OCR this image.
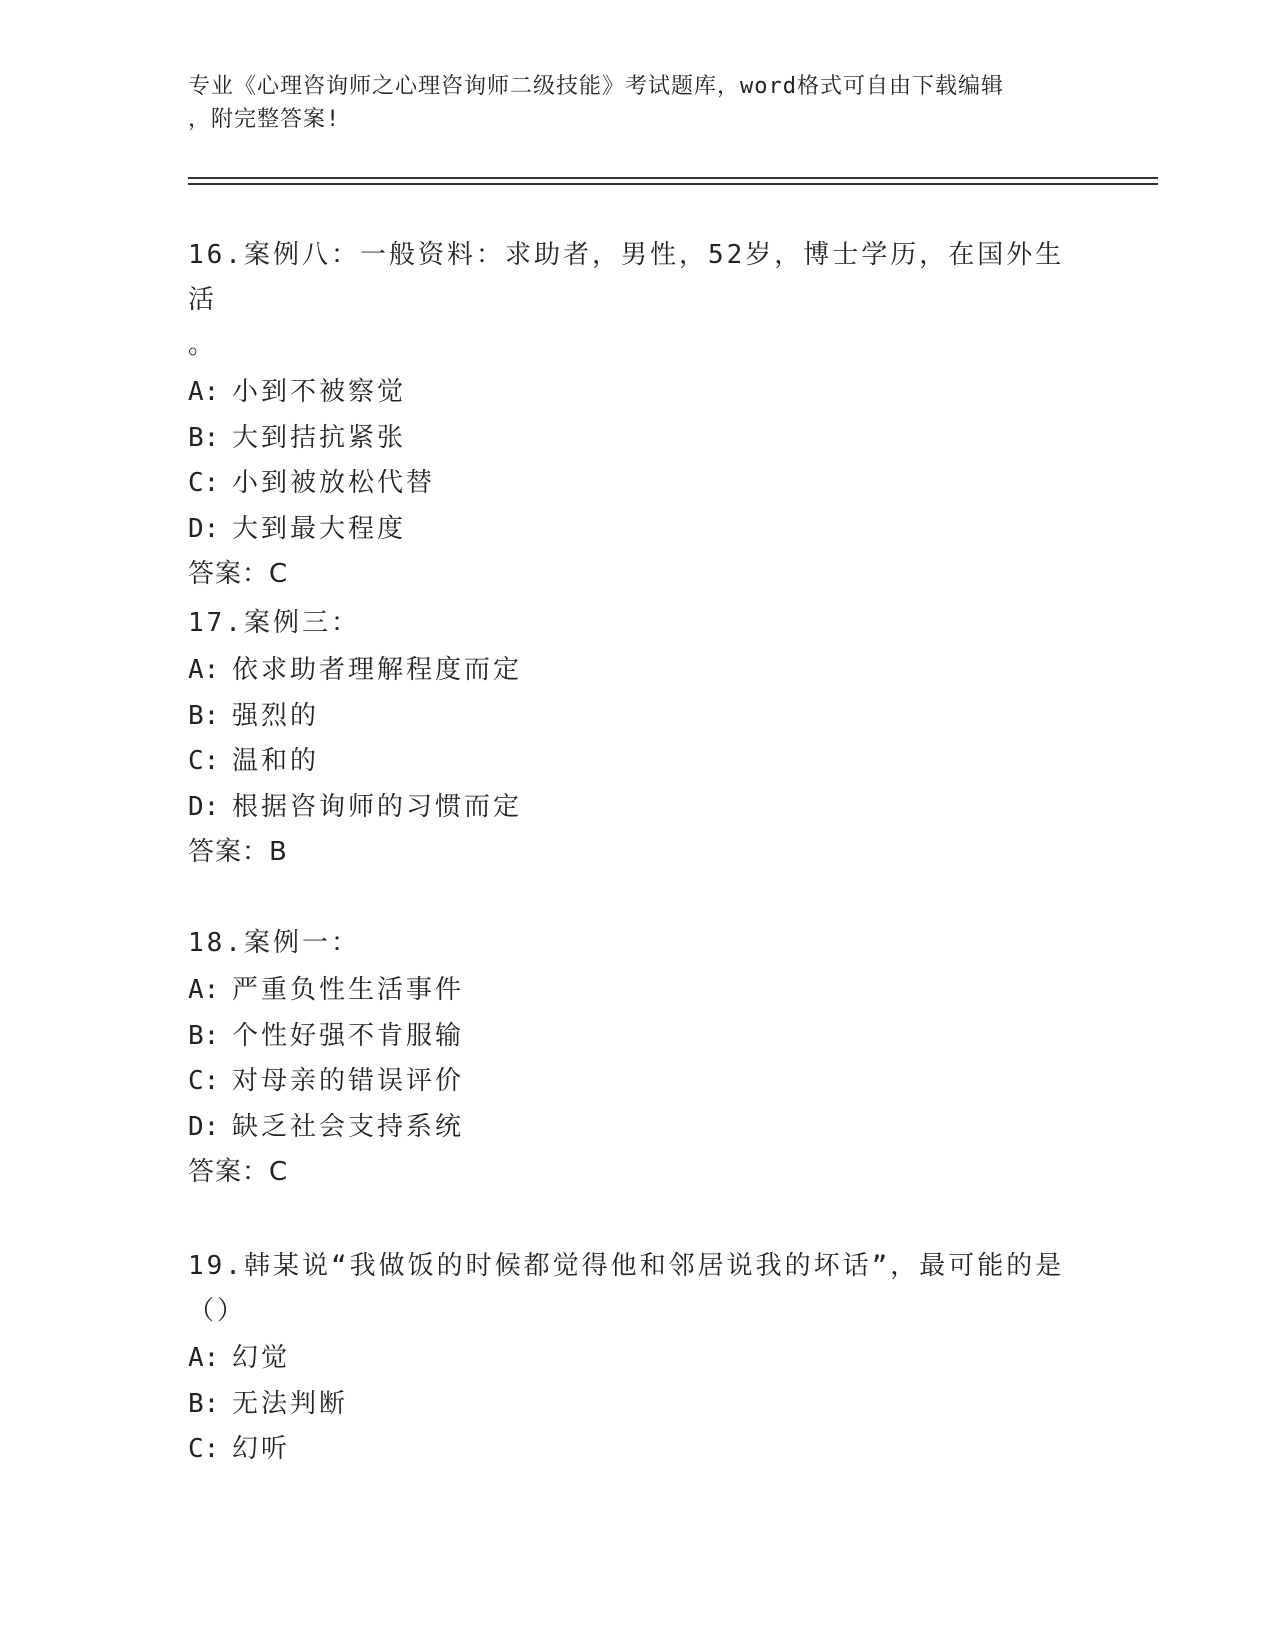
专业《心理咨询师之心理咨询师二级技能》考试题库，word格式可自由下载编辑
，附完整答案!
16.案例八：一般资料：求助者，男性，52岁，博士学历，在国外生活
。
A: 小到不被察觉
B: 大到拮抗紧张
C: 小到被放松代替
D: 大到最大程度
答案：C
17.案例三：
A: 依求助者理解程度而定
B: 强烈的
C: 温和的
D: 根据咨询师的习惯而定
答案：B
18.案例一：
A: 严重负性生活事件
B: 个性好强不肯服输
C: 对母亲的错误评价
D: 缺乏社会支持系统
答案：C
19.韩某说“我做饭的时候都觉得他和邻居说我的坏话”，最可能的是
（）
A: 幻觉
B: 无法判断
C: 幻听
